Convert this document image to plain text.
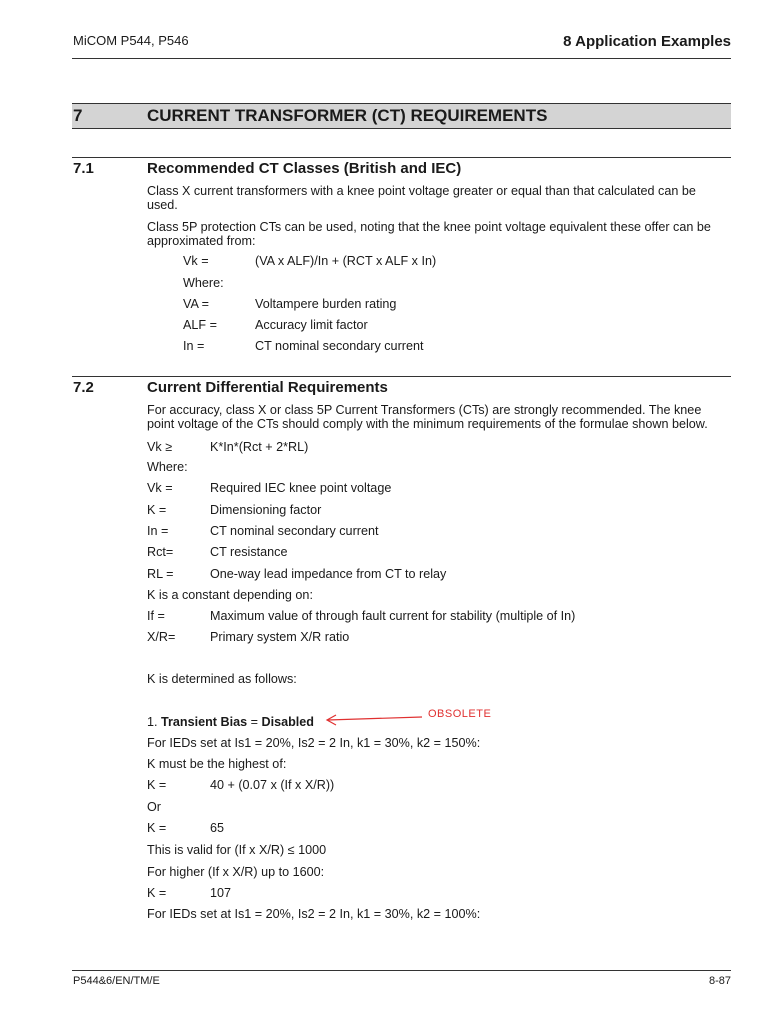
MiCOM P544, P546	8 Application Examples
7	CURRENT TRANSFORMER (CT) REQUIREMENTS
7.1	Recommended CT Classes (British and IEC)
Class X current transformers with a knee point voltage greater or equal than that calculated can be used.
Class 5P protection CTs can be used, noting that the knee point voltage equivalent these offer can be approximated from:
Vk =	(VA x ALF)/In + (RCT x ALF x In)
Where:
VA =	Voltampere burden rating
ALF =	Accuracy limit factor
In =	CT nominal secondary current
7.2	Current Differential Requirements
For accuracy, class X or class 5P Current Transformers (CTs) are strongly recommended. The knee point voltage of the CTs should comply with the minimum requirements of the formulae shown below.
Vk ≥	K*In*(Rct + 2*RL)
Where:
Vk =	Required IEC knee point voltage
K =	Dimensioning factor
In =	CT nominal secondary current
Rct=	CT resistance
RL =	One-way lead impedance from CT to relay
K is a constant depending on:
If =	Maximum value of through fault current for stability (multiple of In)
X/R=	Primary system X/R ratio
K is determined as follows:
1. Transient Bias = Disabled
OBSOLETE
For IEDs set at Is1 = 20%, Is2 = 2 In, k1 = 30%, k2 = 150%:
K must be the highest of:
K =	40 + (0.07 x (If x X/R))
Or
K =	65
This is valid for (If x X/R) ≤ 1000
For higher (If x X/R) up to 1600:
K =	107
For IEDs set at Is1 = 20%, Is2 = 2 In, k1 = 30%, k2 = 100%:
P544&6/EN/TM/E	8-87
